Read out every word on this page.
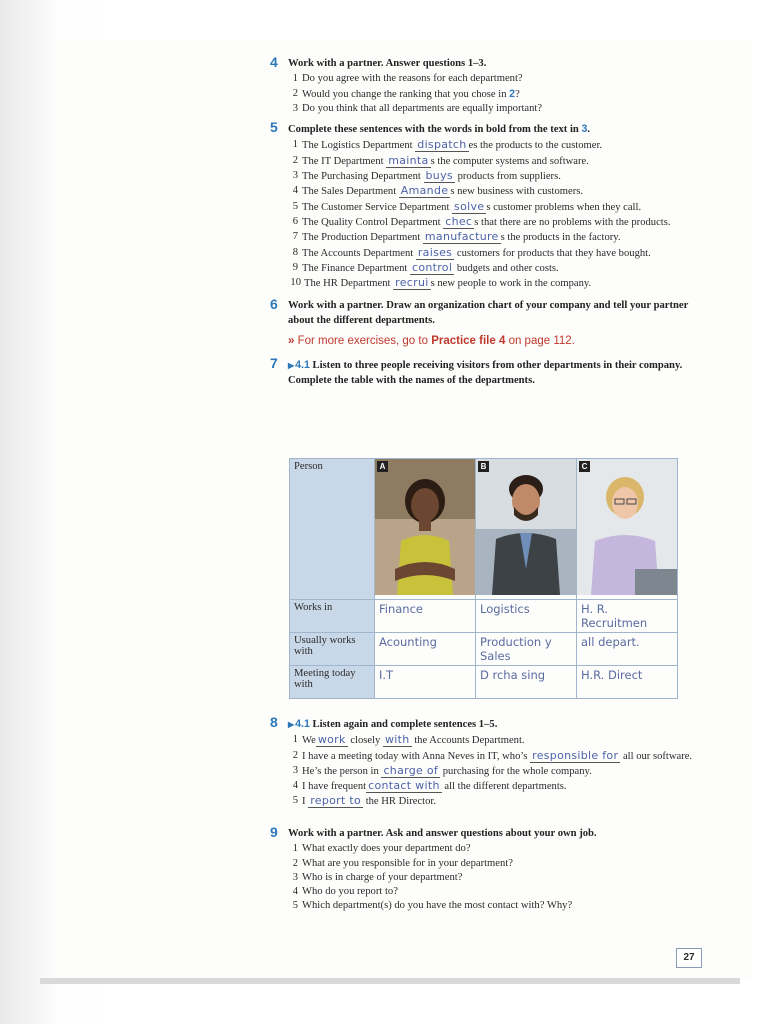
4 Work with a partner. Answer questions 1–3.
1 Do you agree with the reasons for each department?
2 Would you change the ranking that you chose in 2?
3 Do you think that all departments are equally important?
5 Complete these sentences with the words in bold from the text in 3.
1 The Logistics Department dispatch es the products to the customer.
2 The IT Department mainta s the computer systems and software.
3 The Purchasing Department buys products from suppliers.
4 The Sales Department Amande s new business with customers.
5 The Customer Service Department solve s customer problems when they call.
6 The Quality Control Department chec s that there are no problems with the products.
7 The Production Department manufacture s the products in the factory.
8 The Accounts Department raises customers for products that they have bought.
9 The Finance Department control budgets and other costs.
10 The HR Department recrui s new people to work in the company.
6 Work with a partner. Draw an organization chart of your company and tell your partner about the different departments.
» For more exercises, go to Practice file 4 on page 112.
7	▶ 4.1 Listen to three people receiving visitors from other departments in their company. Complete the table with the names of the departments.
8	▶ 4.1 Listen again and complete sentences 1–5.
1 We work closely with the Accounts Department.
2 I have a meeting today with Anna Neves in IT, who’s responsible for all our software.
3 He’s the person in charge of purchasing for the whole company.
4 I have frequent contact with all the different departments.
5 I report to the HR Director.
9 Work with a partner. Ask and answer questions about your own job.
1 What exactly does your department do?
2 What are you responsible for in your department?
3 Who is in charge of your department?
4 Who do you report to?
5 Which department(s) do you have the most contact with? Why?
Person	A	B	C

Works in	Finance	Logistics	H. R. Recruitmen
Usually works with	Acounting	Production y Sales	all depart.
Meeting today with	I.T	D rcha sing	H.R. Direct
27
